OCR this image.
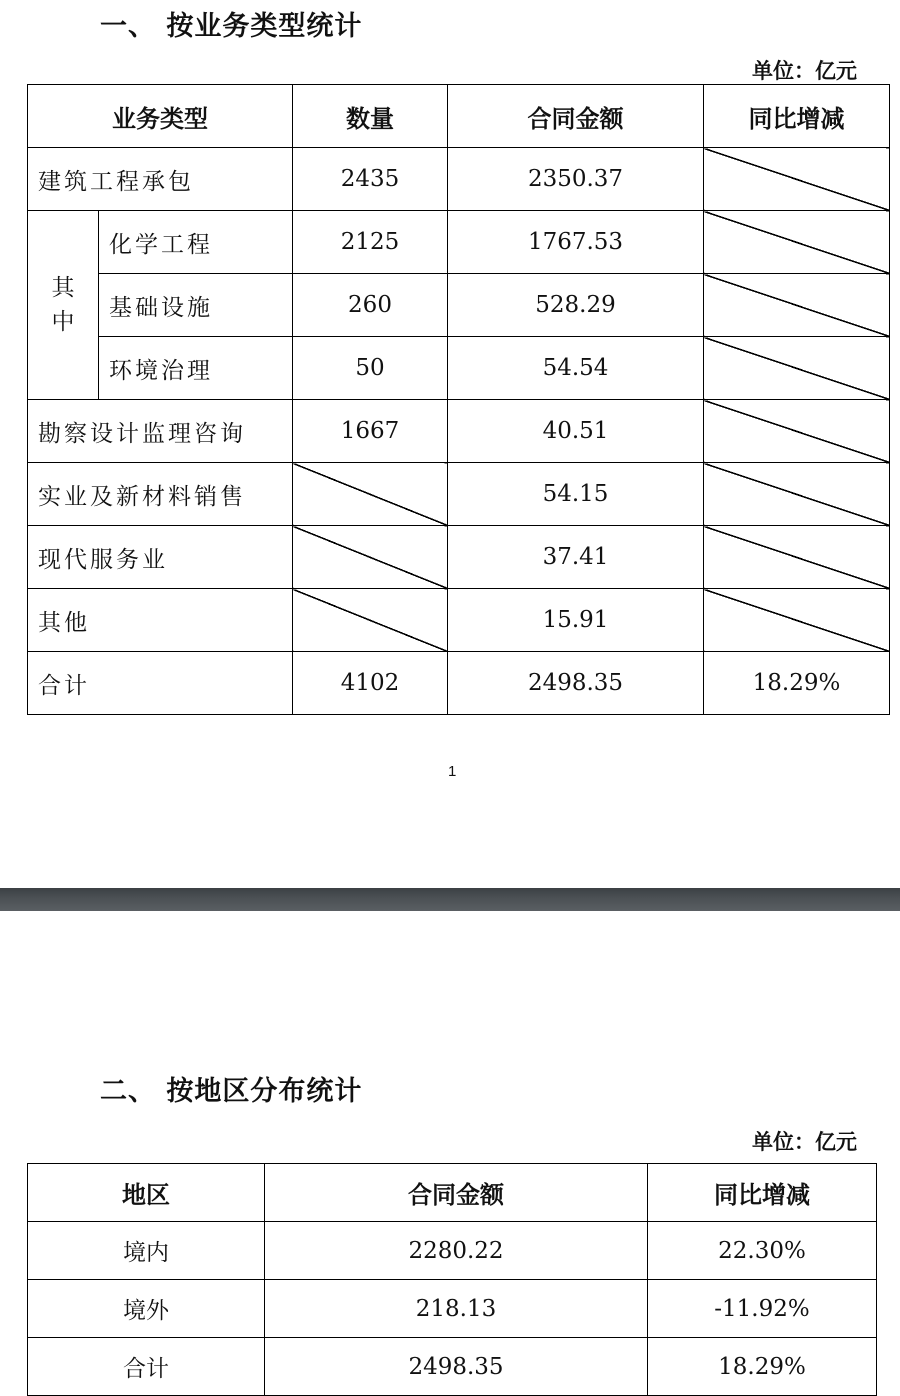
一、 按业务类型统计
单位：亿元
业务类型		数量	合同金额	同比增减
建筑工程承包		2435	2350.37	
其
中	化学工程	2125	1767.53	
	基础设施	260	528.29	
	环境治理	50	54.54	
勘察设计监理咨询		1667	40.51	
实业及新材料销售			54.15	
现代服务业			37.41	
其他			15.91	
合计		4102	2498.35	18.29%
1
二、 按地区分布统计
单位：亿元
地区	合同金额	同比增减
境内	2280.22	22.30%
境外	218.13	-11.92%
合计	2498.35	18.29%
